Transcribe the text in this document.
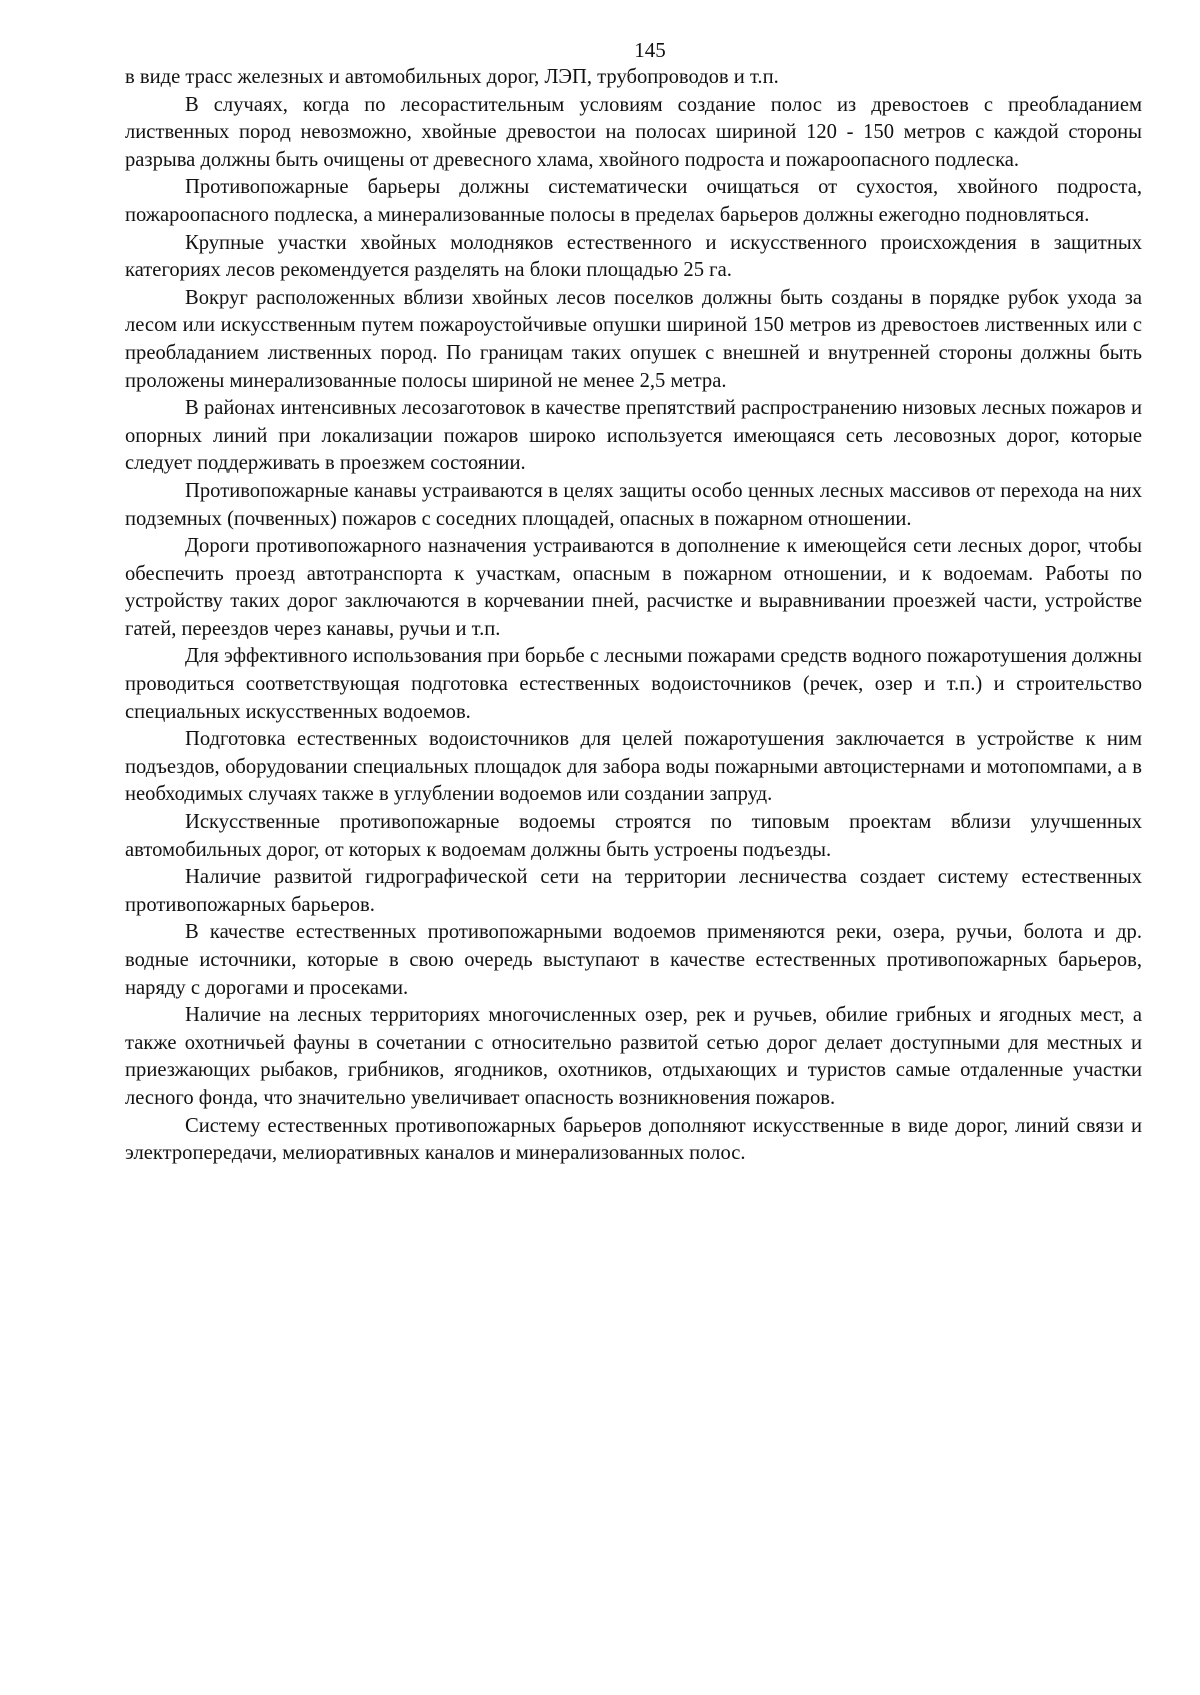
145

в виде трасс железных и автомобильных дорог, ЛЭП, трубопроводов и т.п.

В случаях, когда по лесорастительным условиям создание полос из древостоев с преобладанием лиственных пород невозможно, хвойные древостои на полосах шириной 120 - 150 метров с каждой стороны разрыва должны быть очищены от древесного хлама, хвойного подроста и пожароопасного подлеска.

Противопожарные барьеры должны систематически очищаться от сухостоя, хвойного подроста, пожароопасного подлеска, а минерализованные полосы в пределах барьеров должны ежегодно подновляться.

Крупные участки хвойных молодняков естественного и искусственного происхождения в защитных категориях лесов рекомендуется разделять на блоки площадью 25 га.

Вокруг расположенных вблизи хвойных лесов поселков должны быть созданы в порядке рубок ухода за лесом или искусственным путем пожароустойчивые опушки шириной 150 метров из древостоев лиственных или с преобладанием лиственных пород. По границам таких опушек с внешней и внутренней стороны должны быть проложены минерализованные полосы шириной не менее 2,5 метра.

В районах интенсивных лесозаготовок в качестве препятствий распространению низовых лесных пожаров и опорных линий при локализации пожаров широко используется имеющаяся сеть лесовозных дорог, которые следует поддерживать в проезжем состоянии.

Противопожарные канавы устраиваются в целях защиты особо ценных лесных массивов от перехода на них подземных (почвенных) пожаров с соседних площадей, опасных в пожарном отношении.

Дороги противопожарного назначения устраиваются в дополнение к имеющейся сети лесных дорог, чтобы обеспечить проезд автотранспорта к участкам, опасным в пожарном отношении, и к водоемам. Работы по устройству таких дорог заключаются в корчевании пней, расчистке и выравнивании проезжей части, устройстве гатей, переездов через канавы, ручьи и т.п.

Для эффективного использования при борьбе с лесными пожарами средств водного пожаротушения должны проводиться соответствующая подготовка естественных водоисточников (речек, озер и т.п.) и строительство специальных искусственных водоемов.

Подготовка естественных водоисточников для целей пожаротушения заключается в устройстве к ним подъездов, оборудовании специальных площадок для забора воды пожарными автоцистернами и мотопомпами, а в необходимых случаях также в углублении водоемов или создании запруд.

Искусственные противопожарные водоемы строятся по типовым проектам вблизи улучшенных автомобильных дорог, от которых к водоемам должны быть устроены подъезды.

Наличие развитой гидрографической сети на территории лесничества создает систему естественных противопожарных барьеров.

В качестве естественных противопожарными водоемов применяются реки, озера, ручьи, болота и др. водные источники, которые в свою очередь выступают в качестве естественных противопожарных барьеров, наряду с дорогами и просеками.

Наличие на лесных территориях многочисленных озер, рек и ручьев, обилие грибных и ягодных мест, а также охотничьей фауны в сочетании с относительно развитой сетью дорог делает доступными для местных и приезжающих рыбаков, грибников, ягодников, охотников, отдыхающих и туристов самые отдаленные участки лесного фонда, что значительно увеличивает опасность возникновения пожаров.

Систему естественных противопожарных барьеров дополняют искусственные в виде дорог, линий связи и электропередачи, мелиоративных каналов и минерализованных полос.
